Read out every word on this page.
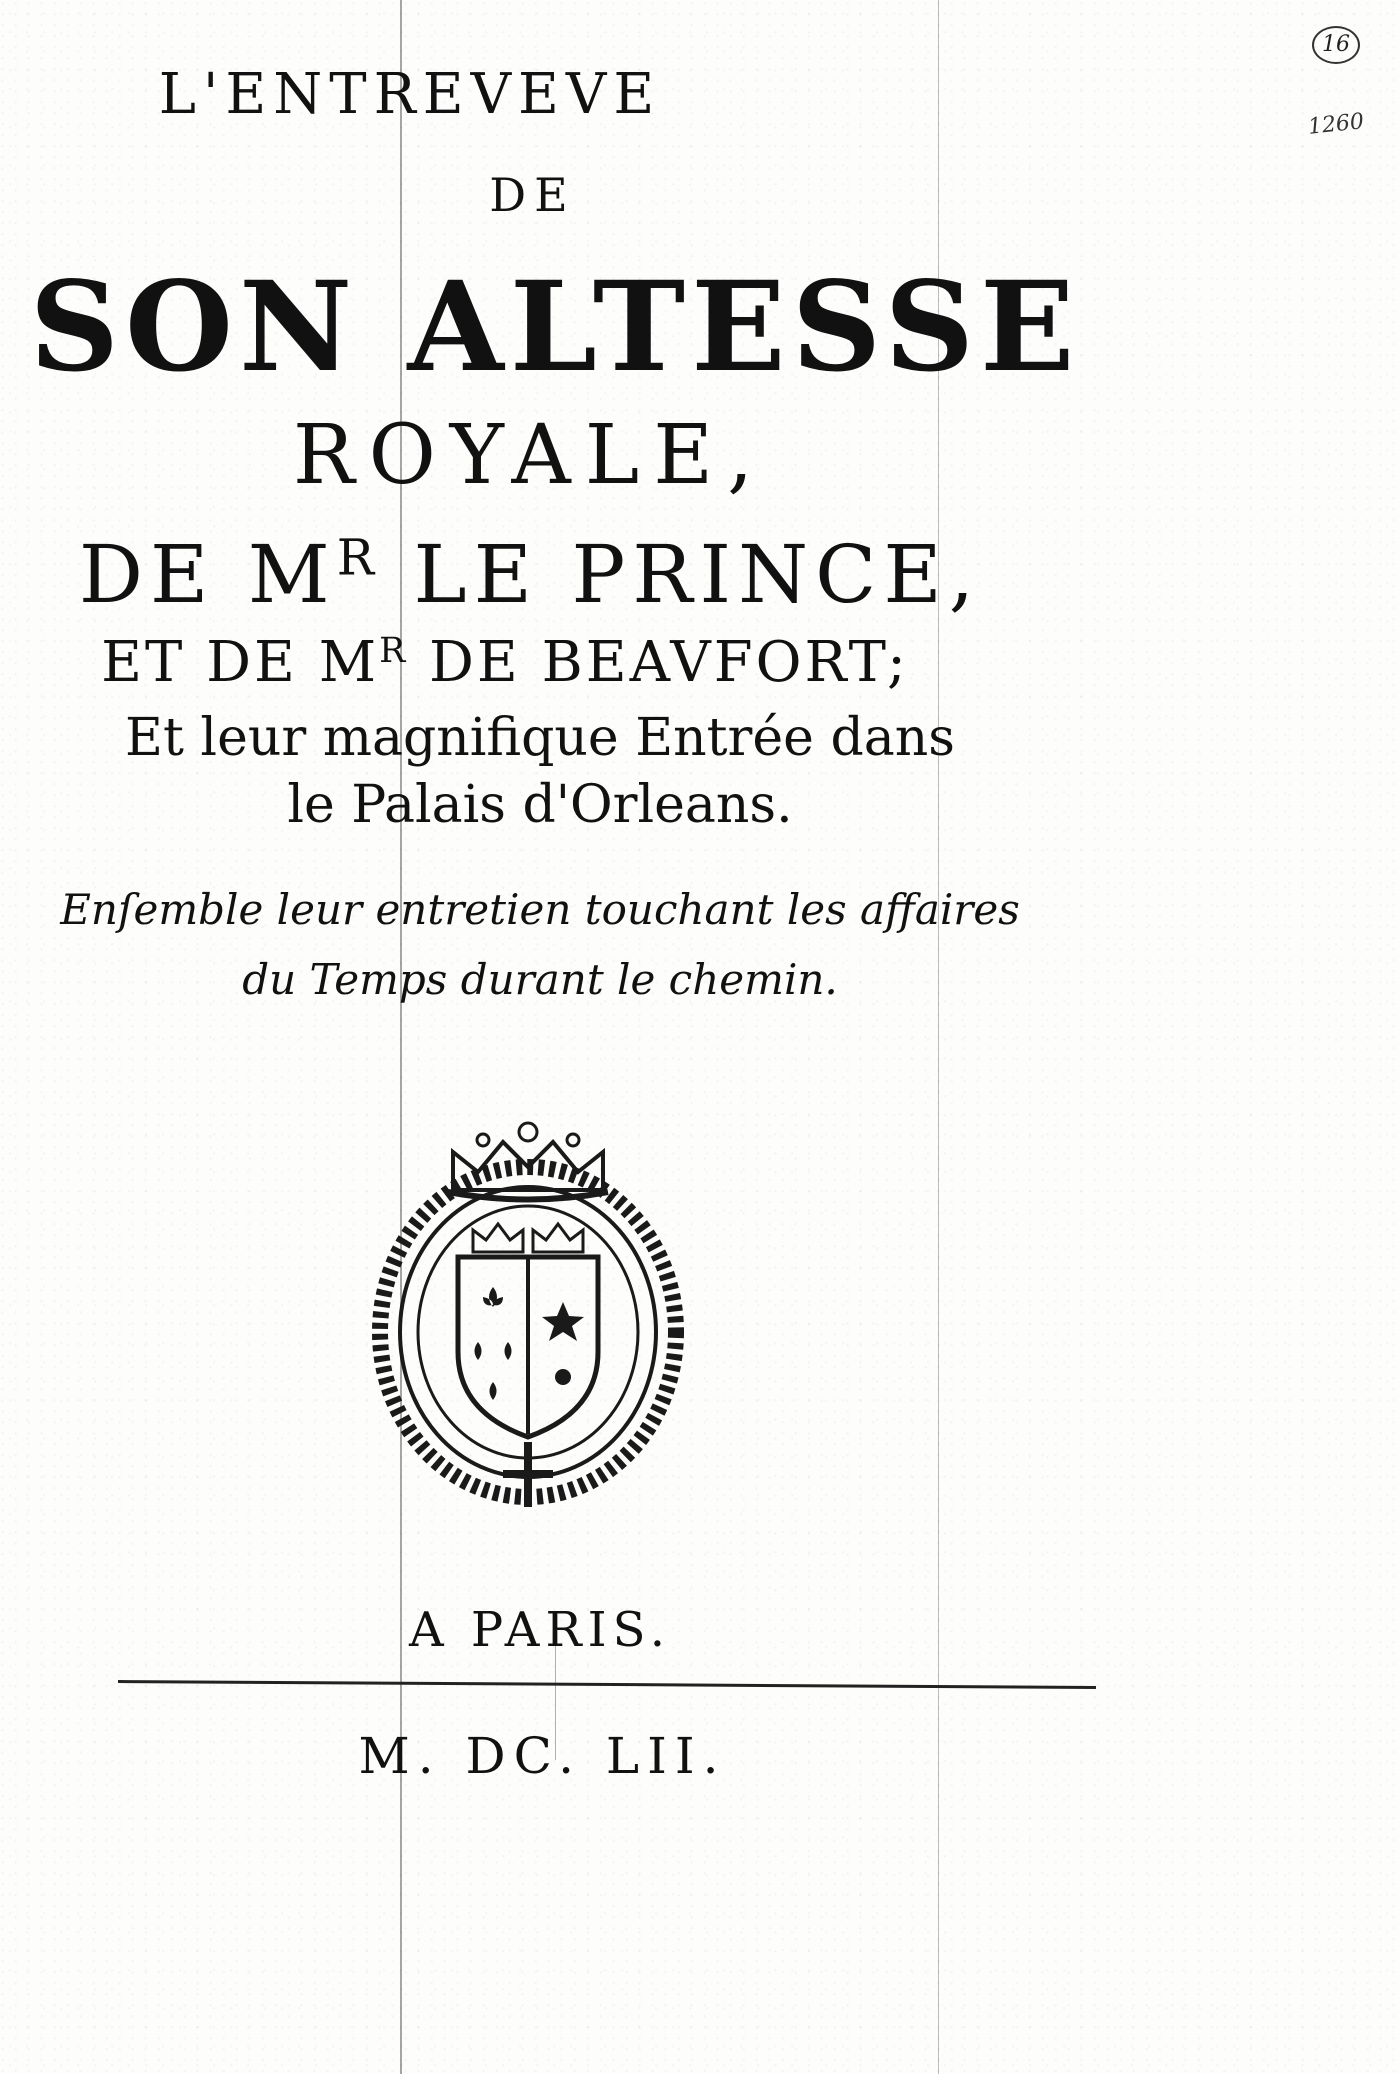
16
1260
L'ENTREVEVE
DE
SON ALTESSE
ROYALE,
DE $M^R$ LE PRINCE,
ET DE $M^R$ DE BEAVFORT;
Et leur magnifique Entrée dans
le Palais d'Orleans.
Enſemble leur entretien touchant les affaires
du Temps durant le chemin.
A PARIS.
M. DC. LII.
